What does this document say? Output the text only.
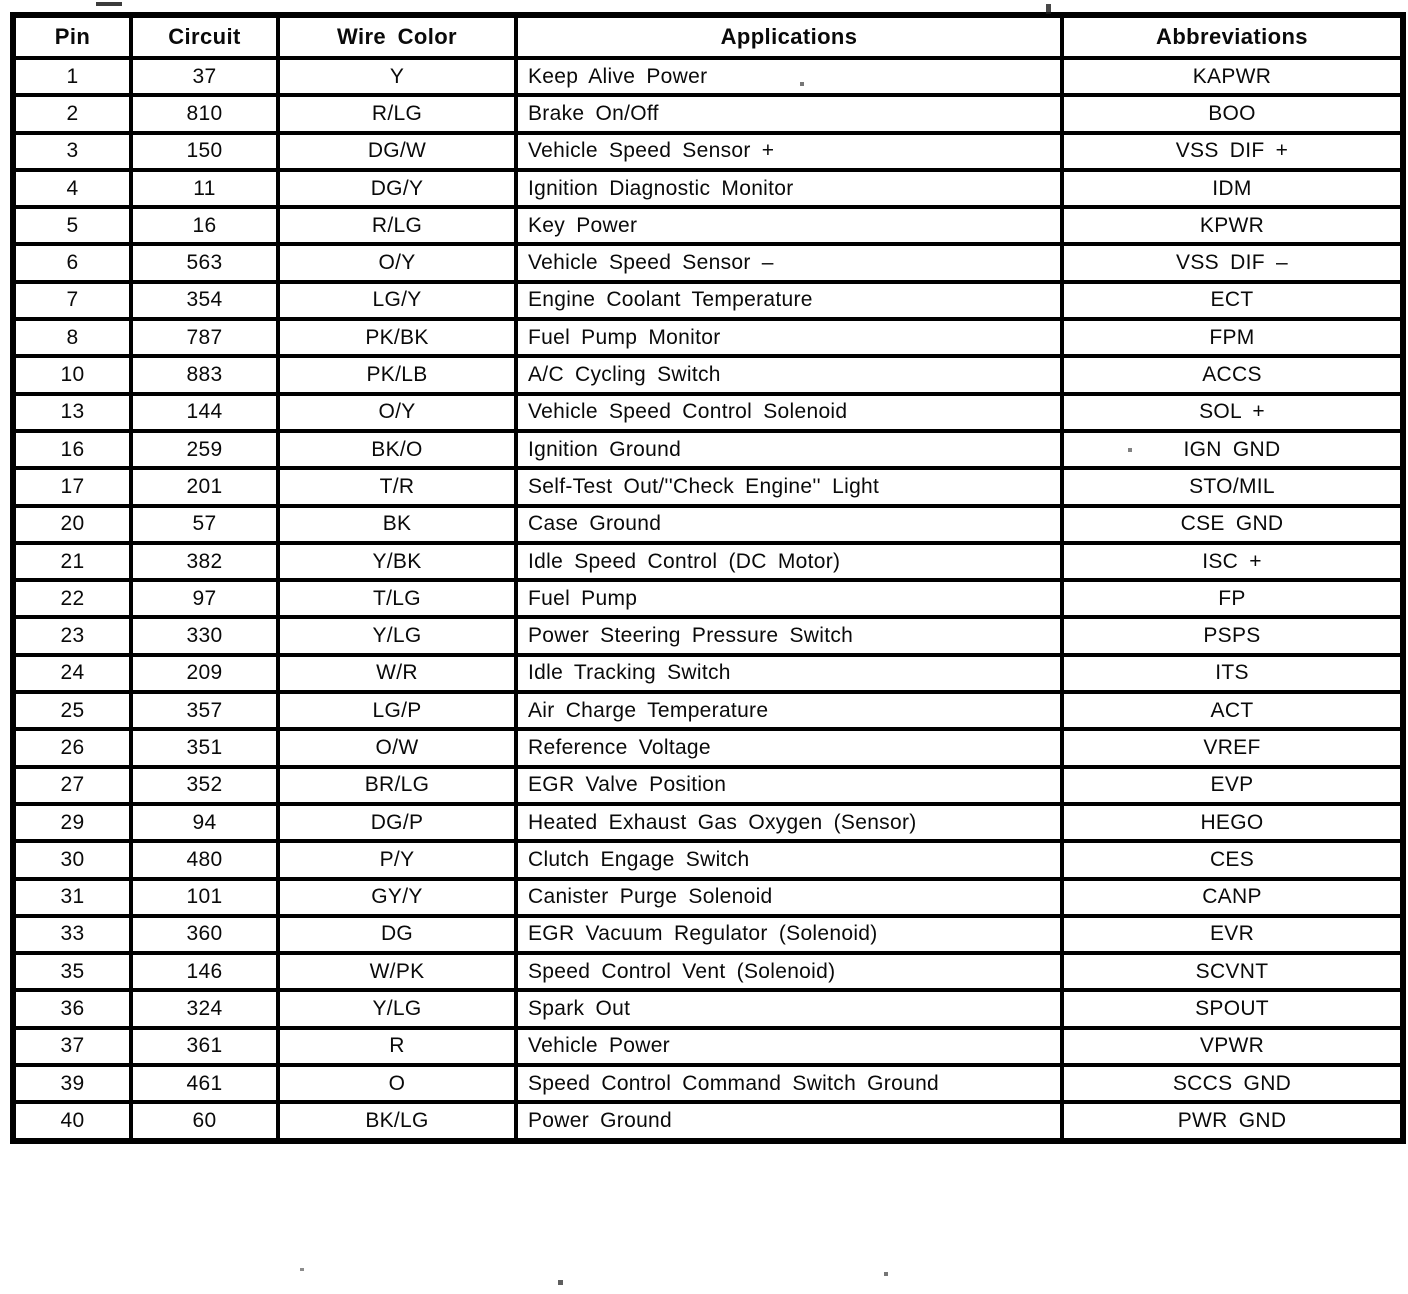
Pin	Circuit	Wire Color	Applications	Abbreviations
1	37	Y	Keep Alive Power	KAPWR
2	810	R/LG	Brake On/Off	BOO
3	150	DG/W	Vehicle Speed Sensor +	VSS DIF +
4	11	DG/Y	Ignition Diagnostic Monitor	IDM
5	16	R/LG	Key Power	KPWR
6	563	O/Y	Vehicle Speed Sensor –	VSS DIF –
7	354	LG/Y	Engine Coolant Temperature	ECT
8	787	PK/BK	Fuel Pump Monitor	FPM
10	883	PK/LB	A/C Cycling Switch	ACCS
13	144	O/Y	Vehicle Speed Control Solenoid	SOL +
16	259	BK/O	Ignition Ground	IGN GND
17	201	T/R	Self-Test Out/''Check Engine'' Light	STO/MIL
20	57	BK	Case Ground	CSE GND
21	382	Y/BK	Idle Speed Control (DC Motor)	ISC +
22	97	T/LG	Fuel Pump	FP
23	330	Y/LG	Power Steering Pressure Switch	PSPS
24	209	W/R	Idle Tracking Switch	ITS
25	357	LG/P	Air Charge Temperature	ACT
26	351	O/W	Reference Voltage	VREF
27	352	BR/LG	EGR Valve Position	EVP
29	94	DG/P	Heated Exhaust Gas Oxygen (Sensor)	HEGO
30	480	P/Y	Clutch Engage Switch	CES
31	101	GY/Y	Canister Purge Solenoid	CANP
33	360	DG	EGR Vacuum Regulator (Solenoid)	EVR
35	146	W/PK	Speed Control Vent (Solenoid)	SCVNT
36	324	Y/LG	Spark Out	SPOUT
37	361	R	Vehicle Power	VPWR
39	461	O	Speed Control Command Switch Ground	SCCS GND
40	60	BK/LG	Power Ground	PWR GND
